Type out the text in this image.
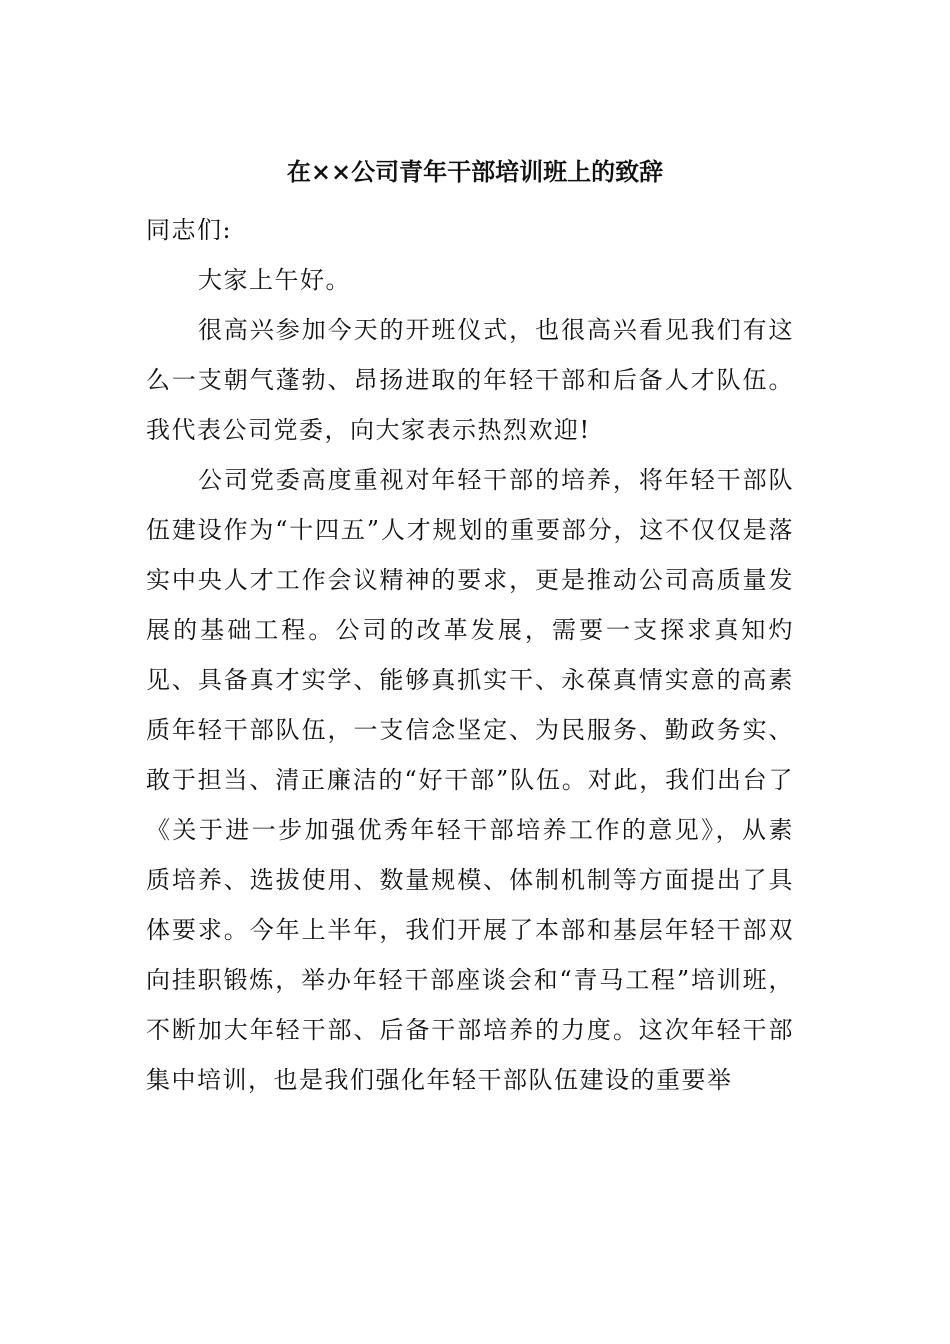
在××公司青年干部培训班上的致辞

同志们:

大家上午好。

很高兴参加今天的开班仪式，也很高兴看见我们有这么一支朝气蓬勃、昂扬进取的年轻干部和后备人才队伍。我代表公司党委，向大家表示热烈欢迎!

公司党委高度重视对年轻干部的培养，将年轻干部队伍建设作为“十四五”人才规划的重要部分，这不仅仅是落实中央人才工作会议精神的要求，更是推动公司高质量发展的基础工程。公司的改革发展，需要一支探求真知灼见、具备真才实学、能够真抓实干、永葆真情实意的高素质年轻干部队伍，一支信念坚定、为民服务、勤政务实、敢于担当、清正廉洁的“好干部”队伍。对此，我们出台了《关于进一步加强优秀年轻干部培养工作的意见》，从素质培养、选拔使用、数量规模、体制机制等方面提出了具体要求。今年上半年，我们开展了本部和基层年轻干部双向挂职锻炼，举办年轻干部座谈会和“青马工程”培训班，不断加大年轻干部、后备干部培养的力度。这次年轻干部集中培训，也是我们强化年轻干部队伍建设的重要举
